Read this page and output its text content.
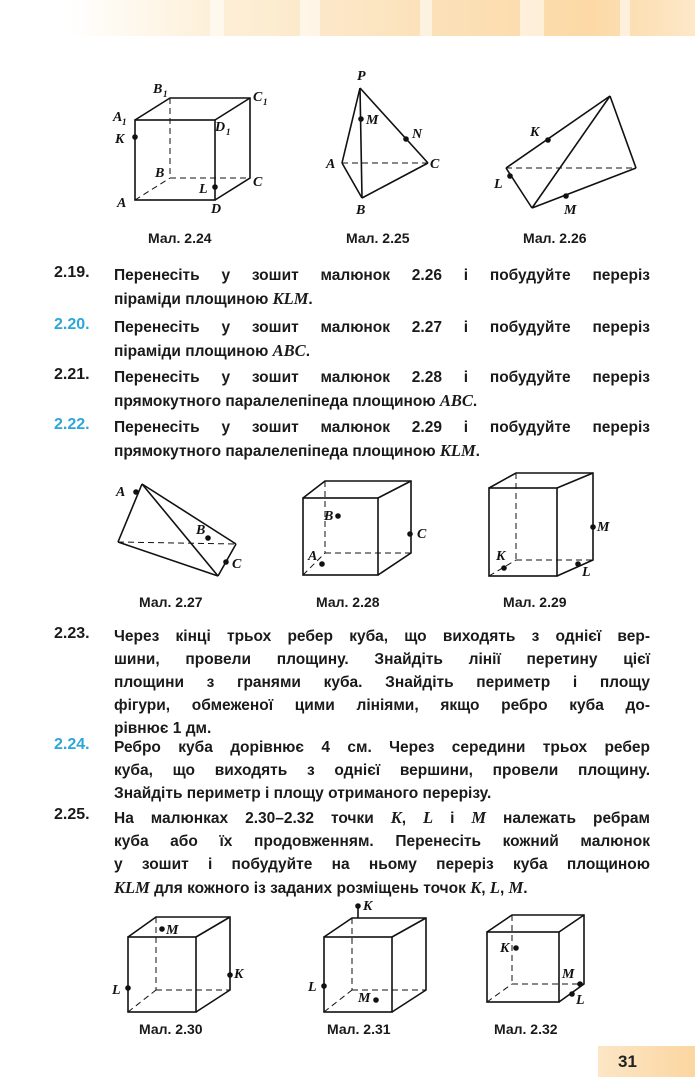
A 1
K
B 1	C 1
D 1
B
L	C
A	D
Мал. 2.24
P
M
N
A	C
B
Мал. 2.25
K
L
M
Мал. 2.26
2.19. Перенесіть у зошит малюнок 2.26 і побудуйте переріз
піраміди площиною KLM.
2.20. Перенесіть у зошит малюнок 2.27 і побудуйте переріз
піраміди площиною ABC.
2.21. Перенесіть у зошит малюнок 2.28 і побудуйте переріз
прямокутного паралелепіпеда площиною ABC.
2.22. Перенесіть у зошит малюнок 2.29 і побудуйте переріз
прямокутного паралелепіпеда площиною KLM.
A
B
C
Мал. 2.27
B
C
A
Мал. 2.28
M
K
L
Мал. 2.29
2.23. Через кінці трьох ребер куба, що виходять з однієї вер-
шини, провели площину. Знайдіть лінії перетину цієї
площини з гранями куба. Знайдіть периметр і площу
фігури, обмеженої цими лініями, якщо ребро куба до-
рівнює 1 дм.
2.24. Ребро куба дорівнює 4 см. Через середини трьох ребер
куба, що виходять з однієї вершини, провели площину.
Знайдіть периметр і площу отриманого перерізу.
2.25. На малюнках 2.30–2.32 точки K, L і M належать ребрам
куба або їх продовженням. Перенесіть кожний малюнок
у зошит і побудуйте на ньому переріз куба площиною
KLM для кожного із заданих розміщень точок K, L, M.
M
L
K
Мал. 2.30
K
L
M
Мал. 2.31
K
M
L
Мал. 2.32
31
